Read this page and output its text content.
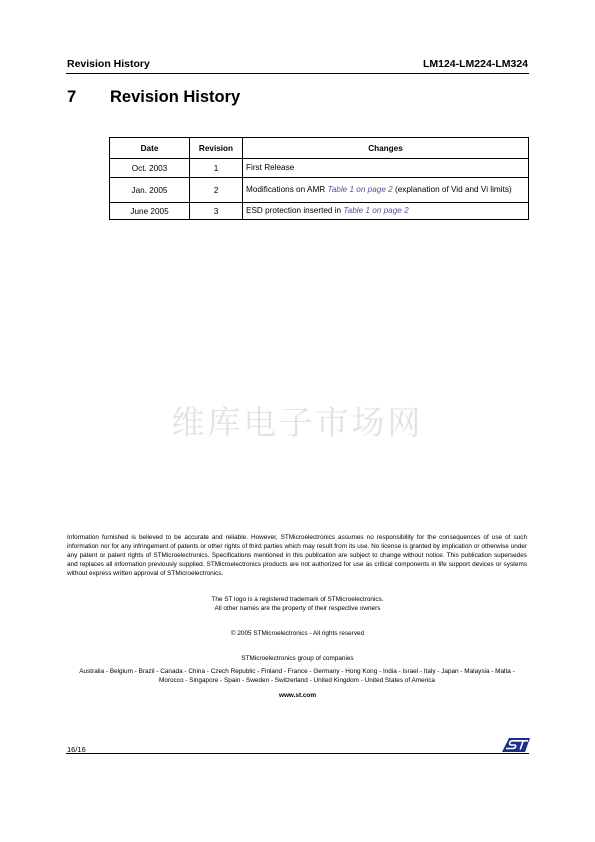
Revision History	LM124-LM224-LM324
7 Revision History
Date	Revision	Changes
Oct. 2003	1	First Release
Jan. 2005	2	Modifications on AMR Table 1 on page 2 (explanation of Vid and Vi limits)
June 2005	3	ESD protection inserted in Table 1 on page 2
维库电子市场网
Information furnished is believed to be accurate and reliable. However, STMicroelectronics assumes no responsibility for the consequences of use of such information nor for any infringement of patents or other rights of third parties which may result from its use. No license is granted by implication or otherwise under any patent or patent rights of STMicroelectronics. Specifications mentioned in this publication are subject to change without notice. This publication supersedes and replaces all information previously supplied. STMicroelectronics products are not authorized for use as critical components in life support devices or systems without express written approval of STMicroelectronics.
The ST logo is a registered trademark of STMicroelectronics.
All other names are the property of their respective owners
© 2005 STMicroelectronics - All rights reserved
STMicroelectronics group of companies
Australia - Belgium - Brazil - Canada - China - Czech Republic - Finland - France - Germany - Hong Kong - India - Israel - Italy - Japan - Malaysia - Malta - Morocco - Singapore - Spain - Sweden - Switzerland - United Kingdom - United States of America
www.st.com
16/16
